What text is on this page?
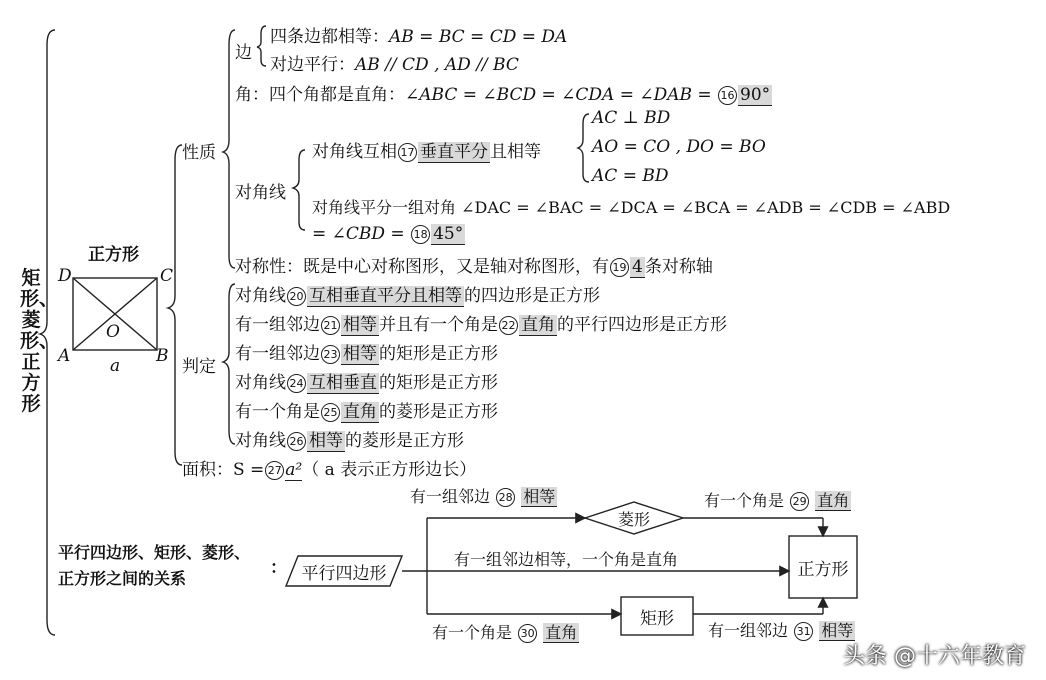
矩形、菱形、正方形
正方形
D	C
O
A	B
a
性质
判定
边
四条边都相等：AB = BC = CD = DA
对边平行：AB // CD , AD // BC
角：四个角都是直角：∠ABC = ∠BCD = ∠CDA = ∠DAB = 16 90°
对角线
对角线互相 17 垂直平分 且相等
AC ⊥ BD
AO = CO , DO = BO
AC = BD
对角线平分一组对角 ∠DAC = ∠BAC = ∠DCA = ∠BCA = ∠ADB = ∠CDB = ∠ABD
= ∠CBD = 18 45°
对称性：既是中心对称图形，又是轴对称图形，有 19 4 条对称轴
对角线 20 互相垂直平分且相等 的四边形是正方形
有一组邻边 21 相等 并且有一个角是 22 直角 的平行四边形是正方形
有一组邻边 23 相等 的矩形是正方形
对角线 24 互相垂直 的矩形是正方形
有一个角是 25 直角 的菱形是正方形
对角线 26 相等 的菱形是正方形
面积：S = 27 a²（ a 表示正方形边长）
平行四边形、矩形、菱形、
正方形之间的关系
： 平行四边形
菱形
矩形
正方形
有一组邻边 28 相等	有一个角是 29 直角
有一组邻边相等，一个角是直角
有一个角是 30 直角	有一组邻边 31 相等
头条 @十六年教育
